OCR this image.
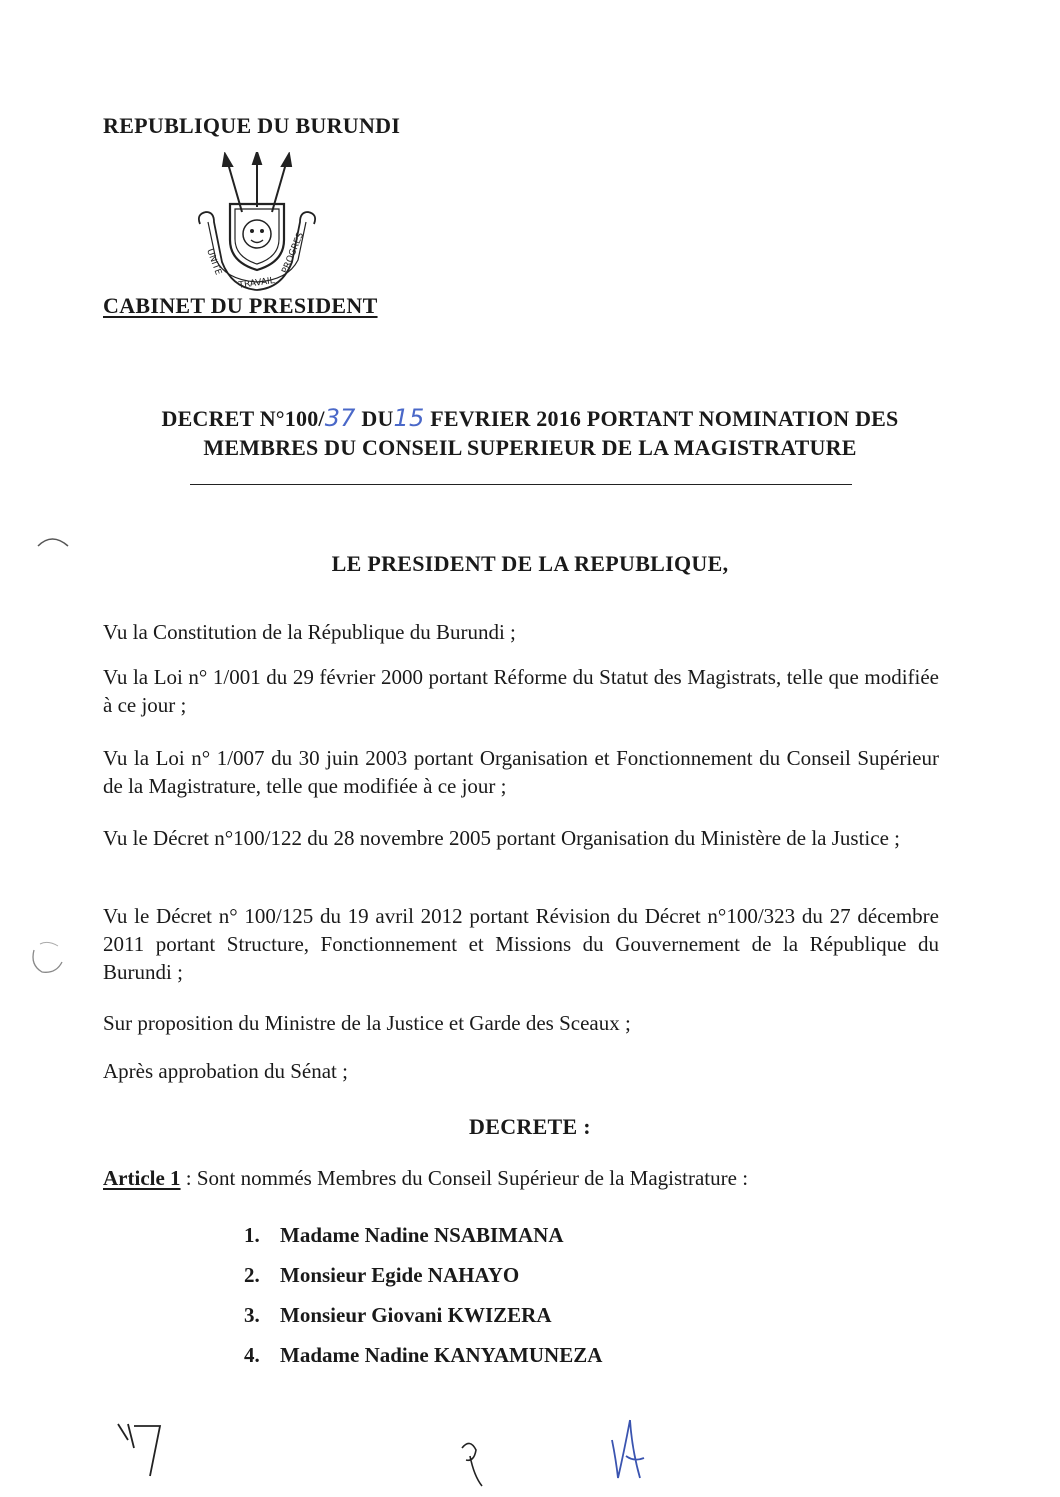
REPUBLIQUE DU BURUNDI
UNITE
TRAVAIL
PROGRES
CABINET DU PRESIDENT
DECRET N°100/37 DU15 FEVRIER 2016 PORTANT NOMINATION DES
MEMBRES DU CONSEIL SUPERIEUR DE LA MAGISTRATURE
LE PRESIDENT DE LA REPUBLIQUE,
Vu la Constitution de la République du Burundi ;
Vu la Loi n° 1/001 du 29 février 2000 portant Réforme du Statut des Magistrats, telle que modifiée à ce jour ;
Vu la Loi n° 1/007 du 30 juin 2003 portant Organisation et Fonctionnement du Conseil Supérieur de la Magistrature, telle que modifiée à ce jour ;
Vu le Décret n°100/122 du 28 novembre 2005 portant Organisation du Ministère de la Justice ;
Vu le Décret n° 100/125 du 19 avril 2012 portant Révision du Décret n°100/323 du 27 décembre 2011 portant Structure, Fonctionnement et Missions du Gouvernement de la République du Burundi ;
Sur proposition du Ministre de la Justice et Garde des Sceaux ;
Après approbation du Sénat ;
DECRETE :
Article 1 : Sont nommés Membres du Conseil Supérieur de la Magistrature :
1. Madame Nadine NSABIMANA
2. Monsieur Egide NAHAYO
3. Monsieur Giovani KWIZERA
4. Madame Nadine KANYAMUNEZA
